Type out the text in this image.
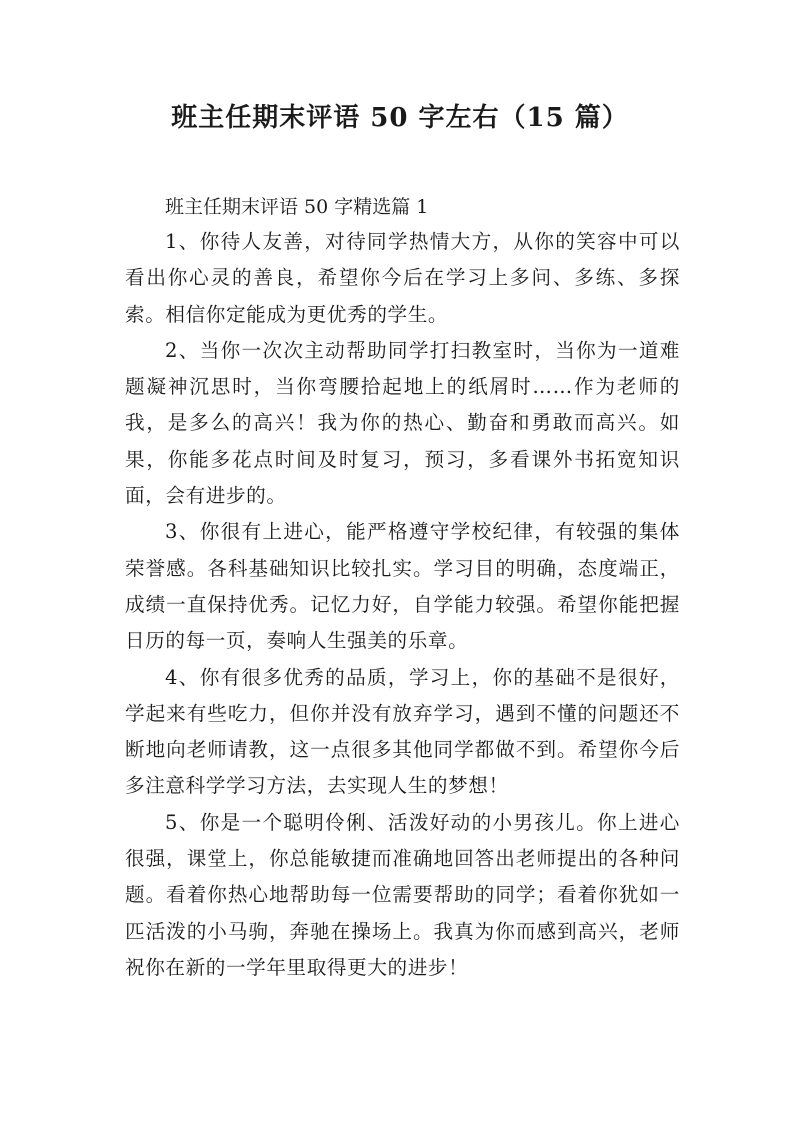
班主任期末评语 50 字左右（15 篇）

班主任期末评语 50 字精选篇 1

1、你待人友善，对待同学热情大方，从你的笑容中可以看出你心灵的善良，希望你今后在学习上多问、多练、多探索。相信你定能成为更优秀的学生。

2、当你一次次主动帮助同学打扫教室时，当你为一道难题凝神沉思时，当你弯腰拾起地上的纸屑时……作为老师的我，是多么的高兴！我为你的热心、勤奋和勇敢而高兴。如果，你能多花点时间及时复习，预习，多看课外书拓宽知识面，会有进步的。

3、你很有上进心，能严格遵守学校纪律，有较强的集体荣誉感。各科基础知识比较扎实。学习目的明确，态度端正，成绩一直保持优秀。记忆力好，自学能力较强。希望你能把握日历的每一页，奏响人生强美的乐章。

4、你有很多优秀的品质，学习上，你的基础不是很好，学起来有些吃力，但你并没有放弃学习，遇到不懂的问题还不断地向老师请教，这一点很多其他同学都做不到。希望你今后多注意科学学习方法，去实现人生的梦想！

5、你是一个聪明伶俐、活泼好动的小男孩儿。你上进心很强，课堂上，你总能敏捷而准确地回答出老师提出的各种问题。看着你热心地帮助每一位需要帮助的同学；看着你犹如一匹活泼的小马驹，奔驰在操场上。我真为你而感到高兴，老师祝你在新的一学年里取得更大的进步！
